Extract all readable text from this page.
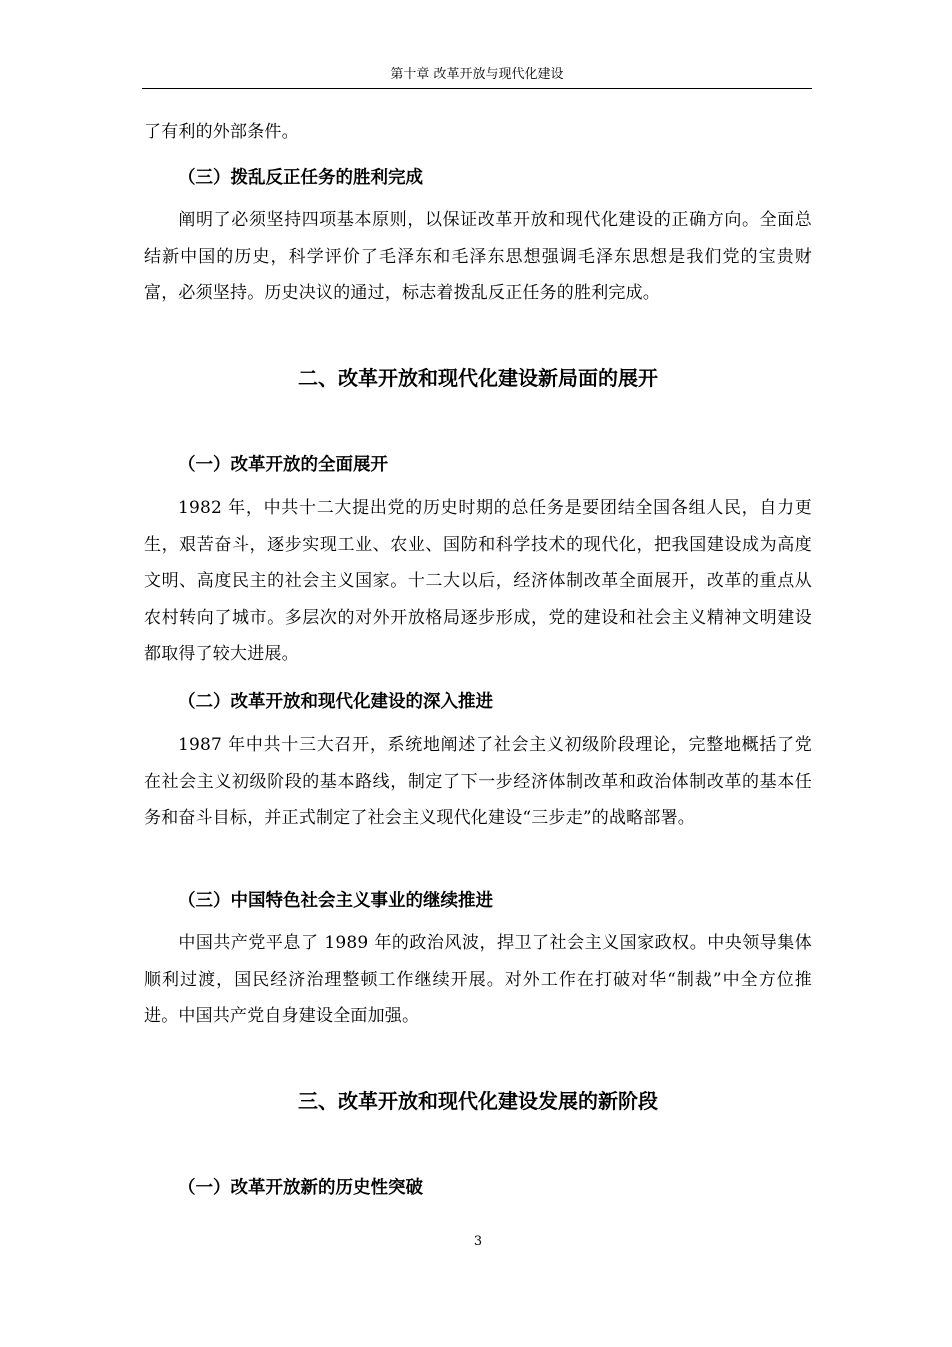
第十章 改革开放与现代化建设

了有利的外部条件。

（三）拨乱反正任务的胜利完成

阐明了必须坚持四项基本原则，以保证改革开放和现代化建设的正确方向。全面总结新中国的历史，科学评价了毛泽东和毛泽东思想强调毛泽东思想是我们党的宝贵财富，必须坚持。历史决议的通过，标志着拨乱反正任务的胜利完成。

二、改革开放和现代化建设新局面的展开
（一）改革开放的全面展开

1982 年，中共十二大提出党的历史时期的总任务是要团结全国各组人民，自力更生，艰苦奋斗，逐步实现工业、农业、国防和科学技术的现代化，把我国建设成为高度文明、高度民主的社会主义国家。十二大以后，经济体制改革全面展开，改革的重点从农村转向了城市。多层次的对外开放格局逐步形成，党的建设和社会主义精神文明建设都取得了较大进展。

（二）改革开放和现代化建设的深入推进

1987 年中共十三大召开，系统地阐述了社会主义初级阶段理论，完整地概括了党在社会主义初级阶段的基本路线，制定了下一步经济体制改革和政治体制改革的基本任务和奋斗目标，并正式制定了社会主义现代化建设“三步走”的战略部署。

（三）中国特色社会主义事业的继续推进

中国共产党平息了 1989 年的政治风波，捍卫了社会主义国家政权。中央领导集体顺利过渡，国民经济治理整顿工作继续开展。对外工作在打破对华“制裁”中全方位推进。中国共产党自身建设全面加强。

三、改革开放和现代化建设发展的新阶段
（一）改革开放新的历史性突破
3
